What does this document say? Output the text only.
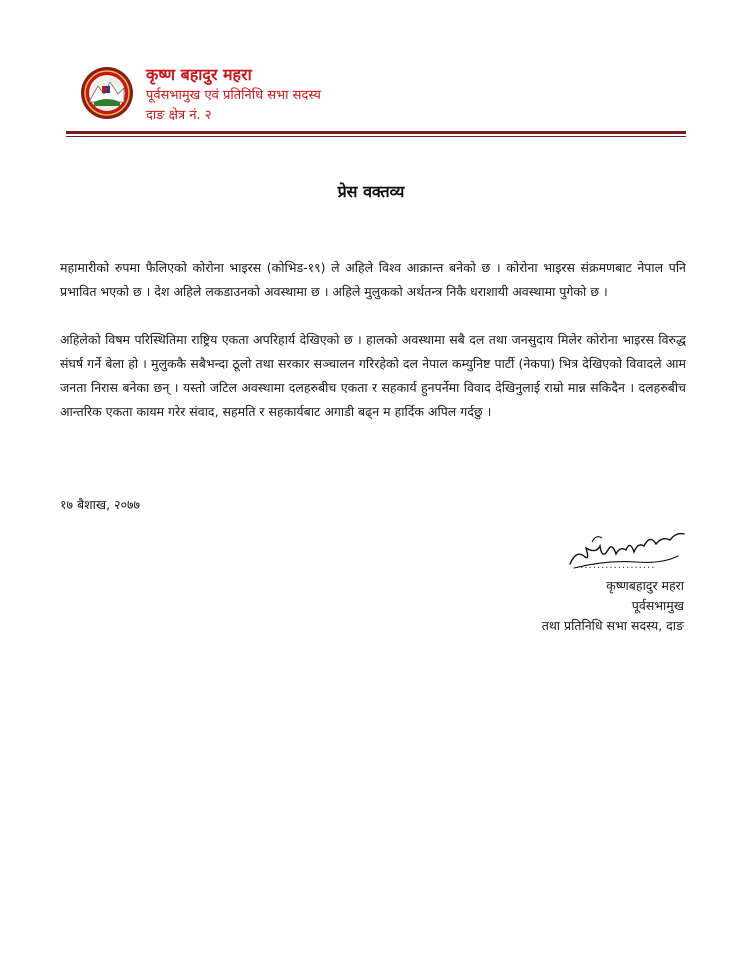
कृष्ण बहादुर महरा
पूर्वसभामुख एवं प्रतिनिधि सभा सदस्य
दाङ क्षेत्र नं. २
प्रेस वक्तव्य

महामारीको रुपमा फैलिएको कोरोना भाइरस (कोभिड-१९) ले अहिले विश्व आक्रान्त बनेको छ । कोरोना भाइरस संक्रमणबाट नेपाल पनि प्रभावित भएको छ । देश अहिले लकडाउनको अवस्थामा छ । अहिले मुलुकको अर्थतन्त्र निकै धराशायी अवस्थामा पुगेको छ ।

अहिलेको विषम परिस्थितिमा राष्ट्रिय एकता अपरिहार्य देखिएको छ । हालको अवस्थामा सबै दल तथा जनसुदाय मिलेर कोरोना भाइरस विरुद्ध संघर्ष गर्ने बेला हो । मुलुककै सबैभन्दा ठूलो तथा सरकार सञ्चालन गरिरहेको दल नेपाल कम्युनिष्ट पार्टी (नेकपा) भित्र देखिएको विवादले आम जनता निरास बनेका छन् । यस्तो जटिल अवस्थामा दलहरुबीच एकता र सहकार्य हुनपर्नेमा विवाद देखिनुलाई राम्रो मान्न सकिदैन । दलहरुबीच आन्तरिक एकता कायम गरेर संवाद, सहमति र सहकार्यबाट अगाडी बढ्न म हार्दिक अपिल गर्दछु ।

१७ बैशाख, २०७७
...................
कृष्णबहादुर महरा
पूर्वसभामुख
तथा प्रतिनिधि सभा सदस्य, दाङ
